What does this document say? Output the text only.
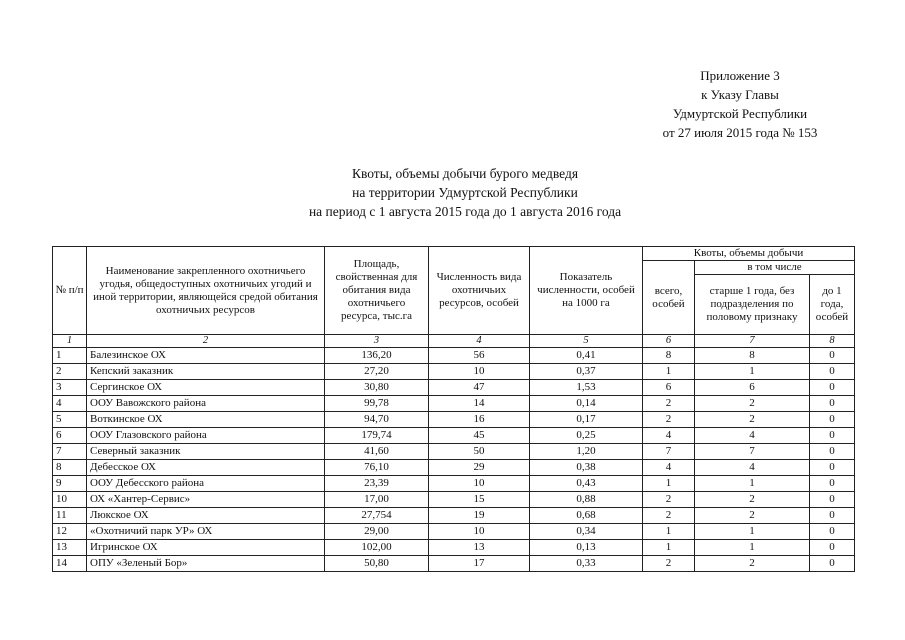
Приложение 3
к Указу Главы
Удмуртской Республики
от 27 июля 2015 года № 153
Квоты, объемы добычи бурого медведя
на территории Удмуртской Республики
на период с 1 августа 2015 года до 1 августа 2016 года
№ п/п	Наименование закрепленного охотничьего угодья, общедоступных охотничьих угодий и иной территории, являющейся средой обитания охотничьих ресурсов	Площадь, свойственная для обитания вида охотничьего ресурса, тыс.га	Численность вида охотничьих ресурсов, особей	Показатель численности, особей на 1000 га	Квоты, объемы добычи		
					всего, особей	в том числе	
						старше 1 года, без подразделения по половому признаку	до 1 года, особей
1	2	3	4	5	6	7	8
1	Балезинское ОХ	136,20	56	0,41	8	8	0
2	Кепский заказник	27,20	10	0,37	1	1	0
3	Сергинское ОХ	30,80	47	1,53	6	6	0
4	ООУ Вавожского района	99,78	14	0,14	2	2	0
5	Воткинское ОХ	94,70	16	0,17	2	2	0
6	ООУ Глазовского района	179,74	45	0,25	4	4	0
7	Северный заказник	41,60	50	1,20	7	7	0
8	Дебесское ОХ	76,10	29	0,38	4	4	0
9	ООУ Дебесского района	23,39	10	0,43	1	1	0
10	ОХ «Хантер-Сервис»	17,00	15	0,88	2	2	0
11	Люкское ОХ	27,754	19	0,68	2	2	0
12	«Охотничий парк УР» ОХ	29,00	10	0,34	1	1	0
13	Игринское ОХ	102,00	13	0,13	1	1	0
14	ОПУ «Зеленый Бор»	50,80	17	0,33	2	2	0
